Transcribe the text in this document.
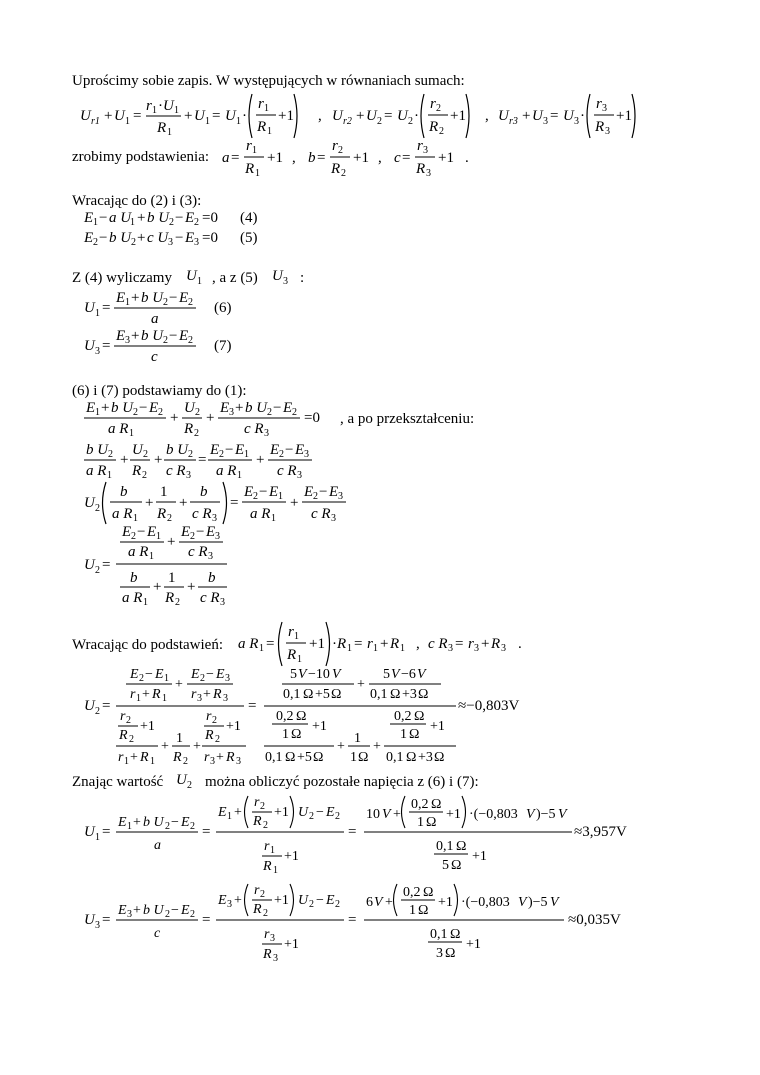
Uprościmy sobie zapis. W występujących w równaniach sumach:
U r1 + U 1 =
r 1 · U 1
R 1
+ U 1 = U 1 ·
r 1
R 1
+1 , U r2 + U 2 = U 2 ·
r 2
R 2
+1 , U r3 + U 3 = U 3 ·
r 3
R 3
+1
zrobimy podstawienia: a =
r 1
R 1
+1 , b =
r 2
R 2
+1 , c =
r 3
R 3
+1 .
Wracając do (2) i (3):
E 1 − a U
1 + b U 2 − E 2 =0 (4)
E 2 − b U 2 + c U 3 − E 3 =0 (5)
Z (4) wyliczamy U 1 , a z (5) U 3 :
U 1 =
E 1 + b U 2 − E 2
a
(6)
U 3 =
E 3 + b U 2 − E 2
c
(7)
(6) i (7) podstawiamy do (1):
E 1 + b U 2 − E 2
a R 1
+
U 2
R 2
+
E 3 + b U 2 − E 2
c R 3
=0 , a po przekształceniu:
b U 2
a R 1
+
U 2
R 2
+
b U 2
c R 3
=
E 2 − E 1
a R 1
+
E 2 − E 3
c R 3
U 2
b
a R 1
+
1
R 2
+
b
c R 3
=
E 2 − E 1
a R 1
+
E 2 − E 3
c R 3
U 2 =
E 2 − E 1
a R 1
+
E 2 − E 3
c R 3
b
a R 1
+
1
R 2
+
b
c R 3
Wracając do podstawień: a R 1 =
r 1
R 1
+1 · R 1 = r 1 + R 1 , c R 3 = r 3 + R 3 .
U 2 =
E 2 − E 1
r 1 + R 1
+
E 2 − E 3
r 3 + R 3
r 2
R 2
+1
r 1 + R 1
+
1
R 2
+
r 2
R 2
+1
r 3 + R 3
=
5 V −10 V
0,1 Ω +5 Ω
+
5 V −6 V
0,1 Ω +3 Ω
0,2 Ω
1 Ω
+1
0,1 Ω +5 Ω
+
1
1 Ω
+
0,2 Ω
1 Ω
+1
0,1 Ω +3 Ω
≈−0,803V
Znając wartość U 2 można obliczyć pozostałe napięcia z (6) i (7):
U 1 =
E 1 + b U 2 − E 2
a
=
E 1 +
r 2
R 2
+1 U 2 − E 2
r 1
R 1
+1
=
10 V +
0,2 Ω
1 Ω
+1 ·(−0,803 V )−5 V
0,1 Ω
5 Ω
+1
≈3,957V
U 3 =
E 3 + b U 2 − E 2
c
=
E 3 +
r 2
R 2
+1 U 2 − E 2
r 3
R 3
+1
=
6 V +
0,2 Ω
1 Ω
+1 ·(−0,803 V )−5 V
0,1 Ω
3 Ω
+1
≈0,035V
